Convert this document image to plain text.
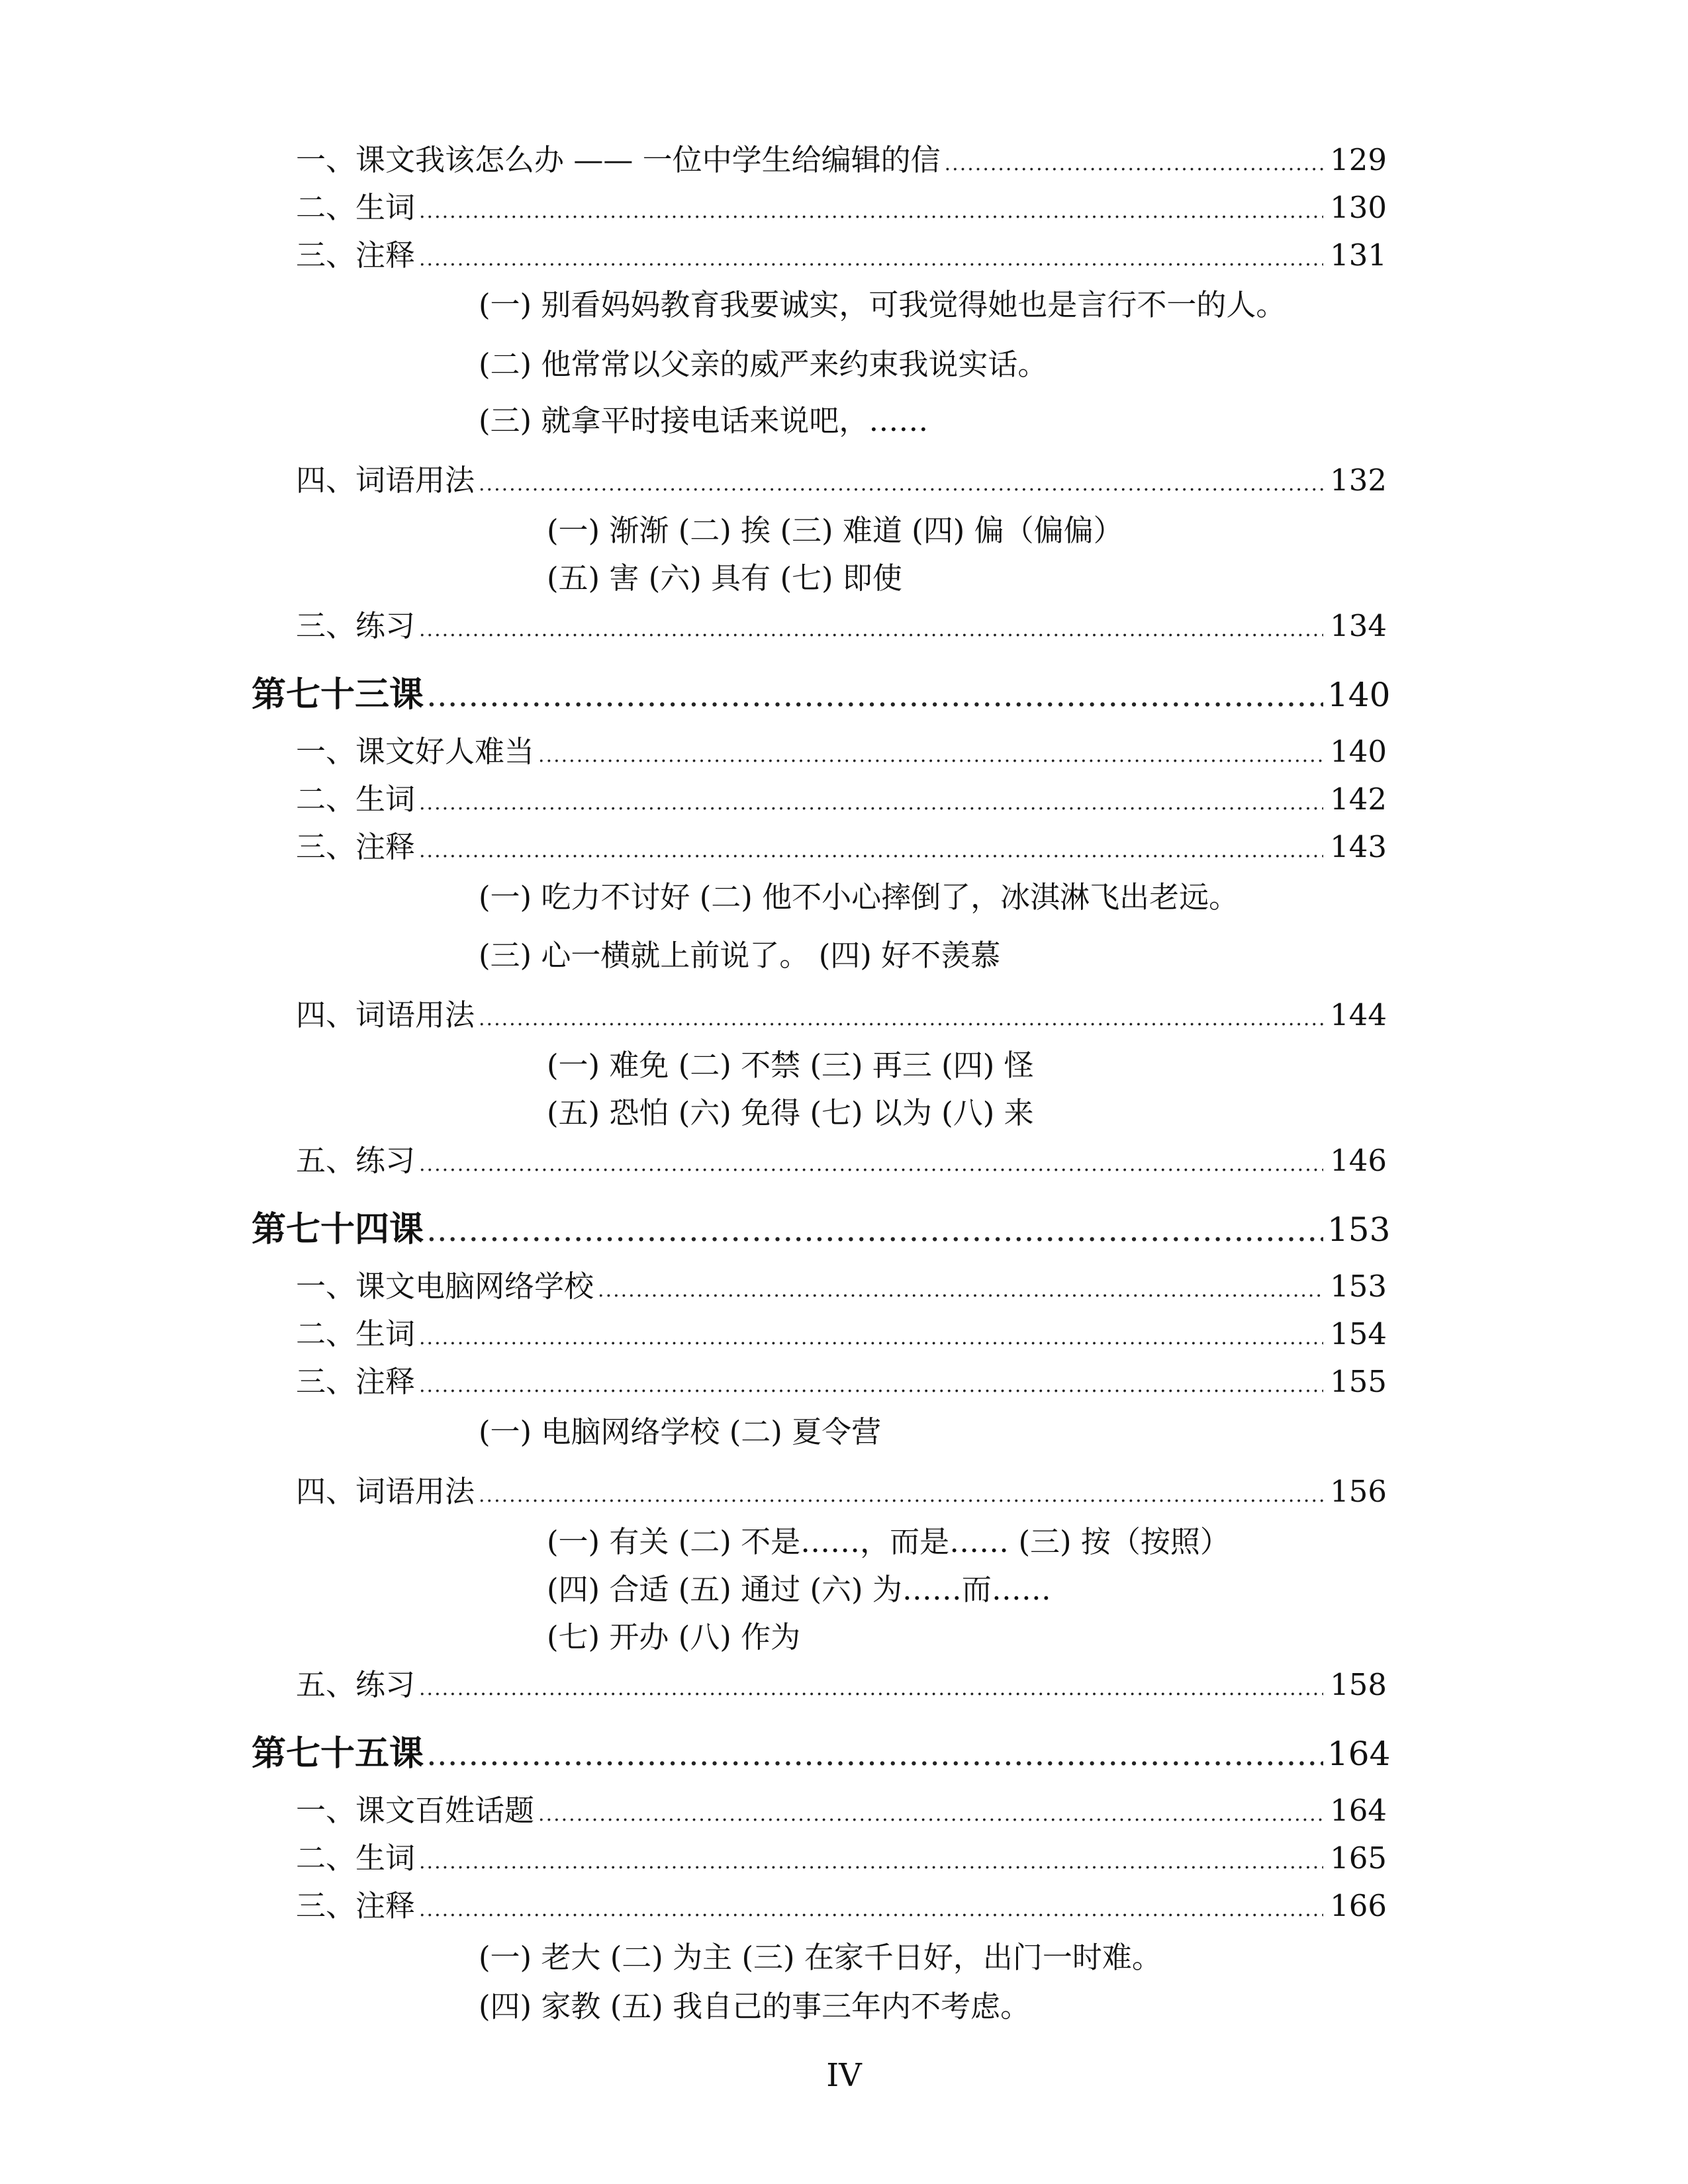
一、课文 我该怎么办 —— 一位中学生给编辑的信 .....	129
二、生词 .....	130
三、注释 .....	131
(一) 别看妈妈教育我要诚实，可我觉得她也是言行不一的人。
(二) 他常常以父亲的威严来约束我说实话。
(三) 就拿平时接电话来说吧，……
四、词语用法 .....	132
(一) 渐渐 (二) 挨 (三) 难道 (四) 偏（偏偏）
(五) 害 (六) 具有 (七) 即使
三、练习 .....	134
第七十三课 .....	140
一、课文 好人难当 .....	140
二、生词 .....	142
三、注释 .....	143
(一) 吃力不讨好 (二) 他不小心摔倒了，冰淇淋飞出老远。
(三) 心一横就上前说了。 (四) 好不羡慕
四、词语用法 .....	144
(一) 难免 (二) 不禁 (三) 再三 (四) 怪
(五) 恐怕 (六) 免得 (七) 以为 (八) 来
五、练习 .....	146
第七十四课 .....	153
一、课文 电脑网络学校 .....	153
二、生词 .....	154
三、注释 .....	155
(一) 电脑网络学校 (二) 夏令营
四、词语用法 .....	156
(一) 有关 (二) 不是……，而是…… (三) 按（按照）
(四) 合适 (五) 通过 (六) 为……而……
(七) 开办 (八) 作为
五、练习 .....	158
第七十五课 .....	164
一、课文 百姓话题 .....	164
二、生词 .....	165
三、注释 .....	166
(一) 老大 (二) 为主 (三) 在家千日好，出门一时难。
(四) 家教 (五) 我自己的事三年内不考虑。
IV
